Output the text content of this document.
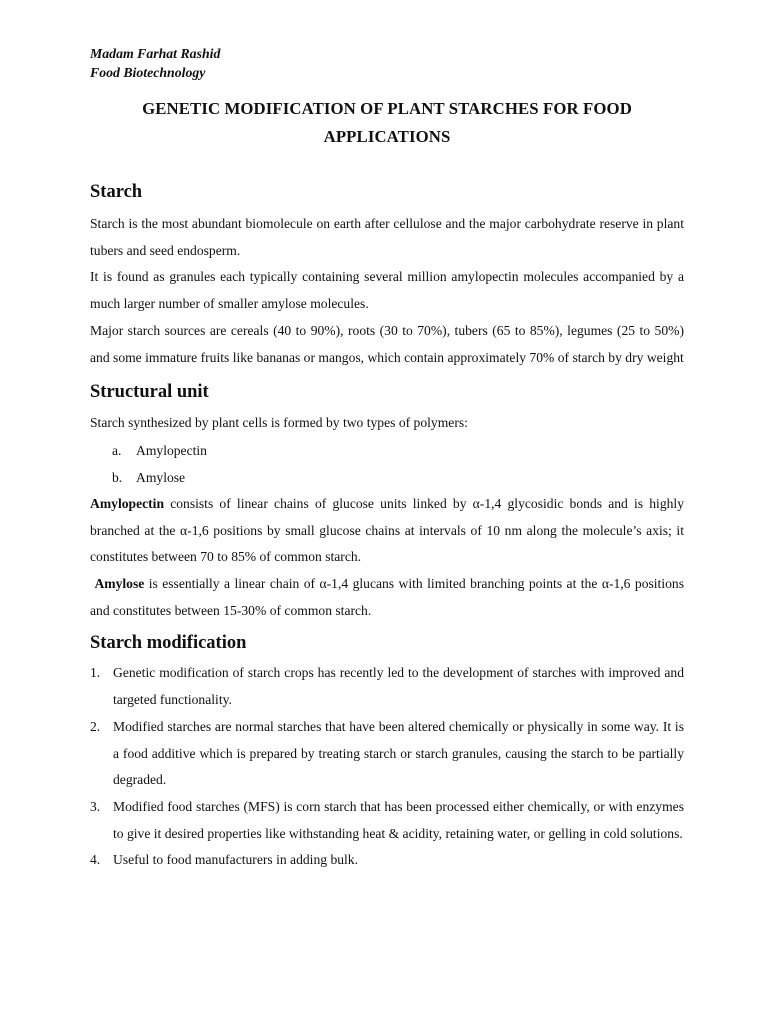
Madam Farhat Rashid
Food Biotechnology
GENETIC MODIFICATION OF PLANT STARCHES FOR FOOD
APPLICATIONS
Starch

Starch is the most abundant biomolecule on earth after cellulose and the major carbohydrate reserve in plant tubers and seed endosperm.

It is found as granules each typically containing several million amylopectin molecules accompanied by a much larger number of smaller amylose molecules.

Major starch sources are cereals (40 to 90%), roots (30 to 70%), tubers (65 to 85%), legumes (25 to 50%) and some immature fruits like bananas or mangos, which contain approximately 70% of starch by dry weight

Structural unit

Starch synthesized by plant cells is formed by two types of polymers:

a. Amylopectin
b. Amylose

Amylopectin consists of linear chains of glucose units linked by α-1,4 glycosidic bonds and is highly branched at the α-1,6 positions by small glucose chains at intervals of 10 nm along the molecule’s axis; it constitutes between 70 to 85% of common starch.

Amylose is essentially a linear chain of α-1,4 glucans with limited branching points at the α-1,6 positions and constitutes between 15-30% of common starch.

Starch modification
1. Genetic modification of starch crops has recently led to the development of starches with improved and targeted functionality.
2. Modified starches are normal starches that have been altered chemically or physically in some way. It is a food additive which is prepared by treating starch or starch granules, causing the starch to be partially degraded.
3. Modified food starches (MFS) is corn starch that has been processed either chemically, or with enzymes to give it desired properties like withstanding heat & acidity, retaining water, or gelling in cold solutions.
4. Useful to food manufacturers in adding bulk.
